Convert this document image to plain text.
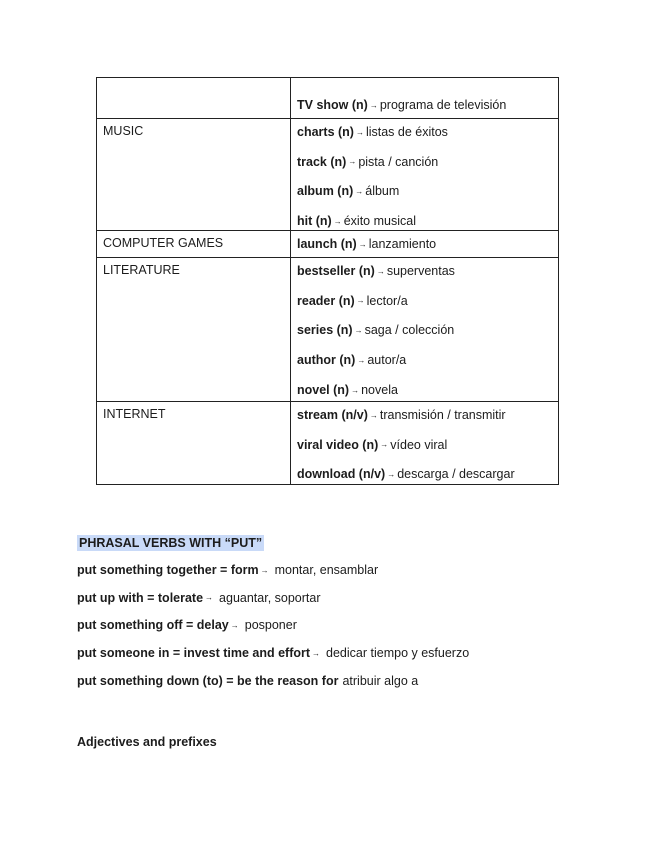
	TV show (n) → programa de televisión

MUSIC	charts (n) → listas de éxitos
track (n) → pista / canción
album (n) → álbum
hit (n) → éxito musical

COMPUTER GAMES	launch (n) → lanzamiento

LITERATURE	bestseller (n) → superventas
reader (n) → lector/a
series (n) → saga / colección
author (n) → autor/a
novel (n) → novela

INTERNET	stream (n/v) → transmisión / transmitir
viral video (n) → vídeo viral
download (n/v) → descarga / descargar
PHRASAL VERBS WITH “PUT”
put something together = form → montar, ensamblar
put up with = tolerate → aguantar, soportar
put something off = delay → posponer
put someone in = invest time and effort → dedicar tiempo y esfuerzo
put something down (to) = be the reason for atribuir algo a
Adjectives and prefixes
